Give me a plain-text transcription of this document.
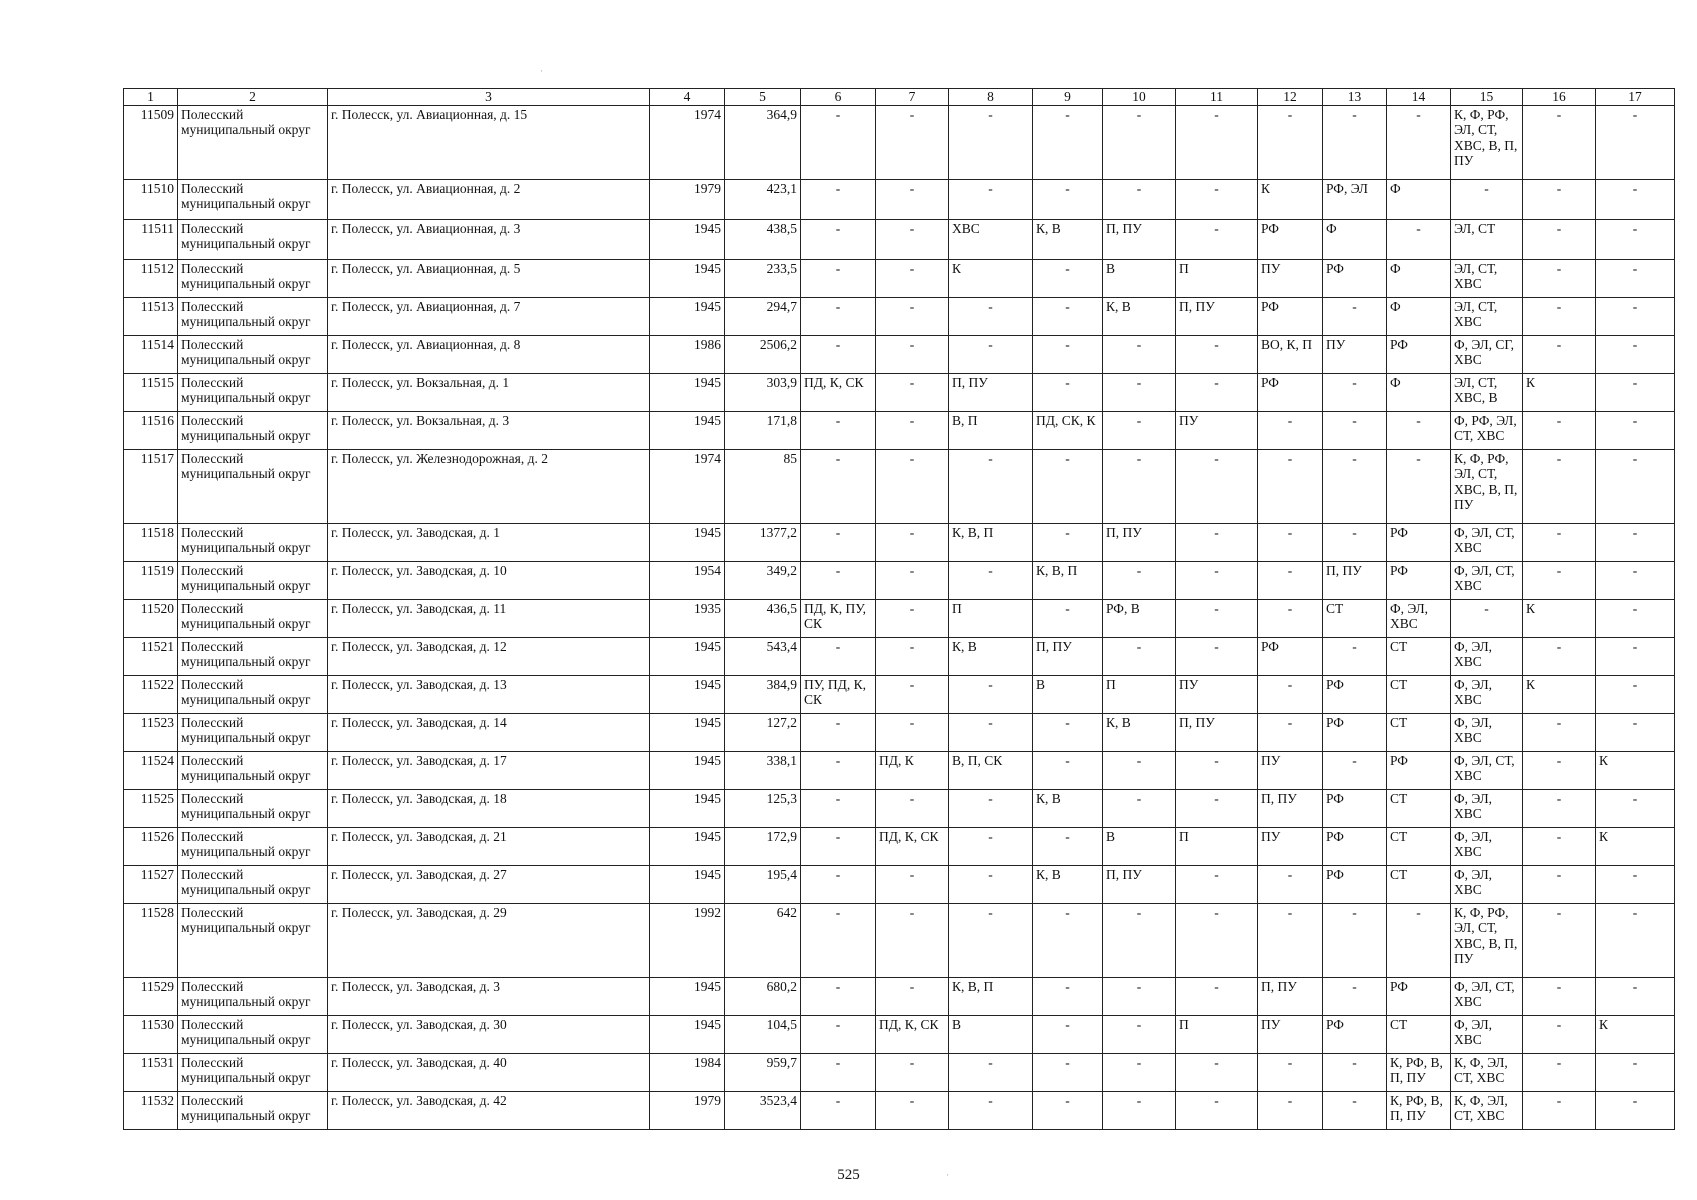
1	2	3	4	5	6	7	8	9	10	11	12	13	14	15	16	17
11509	Полесский муниципальный округ	г. Полесск, ул. Авиационная, д. 15	1974	364,9	-	-	-	-	-	-	-	-	-	К, Ф, РФ, ЭЛ, СТ, ХВС, В, П, ПУ	-	-
11510	Полесский муниципальный округ	г. Полесск, ул. Авиационная, д. 2	1979	423,1	-	-	-	-	-	-	К	РФ, ЭЛ	Ф	-	-	-
11511	Полесский муниципальный округ	г. Полесск, ул. Авиационная, д. 3	1945	438,5	-	-	ХВС	К, В	П, ПУ	-	РФ	Ф	-	ЭЛ, СТ	-	-
11512	Полесский муниципальный округ	г. Полесск, ул. Авиационная, д. 5	1945	233,5	-	-	К	-	В	П	ПУ	РФ	Ф	ЭЛ, СТ, ХВС	-	-
11513	Полесский муниципальный округ	г. Полесск, ул. Авиационная, д. 7	1945	294,7	-	-	-	-	К, В	П, ПУ	РФ	-	Ф	ЭЛ, СТ, ХВС	-	-
11514	Полесский муниципальный округ	г. Полесск, ул. Авиационная, д. 8	1986	2506,2	-	-	-	-	-	-	ВО, К, П	ПУ	РФ	Ф, ЭЛ, СГ, ХВС	-	-
11515	Полесский муниципальный округ	г. Полесск, ул. Вокзальная, д. 1	1945	303,9	ПД, К, СК	-	П, ПУ	-	-	-	РФ	-	Ф	ЭЛ, СТ, ХВС, В	К	-
11516	Полесский муниципальный округ	г. Полесск, ул. Вокзальная, д. 3	1945	171,8	-	-	В, П	ПД, СК, К	-	ПУ	-	-	-	Ф, РФ, ЭЛ, СТ, ХВС	-	-
11517	Полесский муниципальный округ	г. Полесск, ул. Железнодорожная, д. 2	1974	85	-	-	-	-	-	-	-	-	-	К, Ф, РФ, ЭЛ, СТ, ХВС, В, П, ПУ	-	-
11518	Полесский муниципальный округ	г. Полесск, ул. Заводская, д. 1	1945	1377,2	-	-	К, В, П	-	П, ПУ	-	-	-	РФ	Ф, ЭЛ, СТ, ХВС	-	-
11519	Полесский муниципальный округ	г. Полесск, ул. Заводская, д. 10	1954	349,2	-	-	-	К, В, П	-	-	-	П, ПУ	РФ	Ф, ЭЛ, СТ, ХВС	-	-
11520	Полесский муниципальный округ	г. Полесск, ул. Заводская, д. 11	1935	436,5	ПД, К, ПУ, СК	-	П	-	РФ, В	-	-	СТ	Ф, ЭЛ, ХВС	-	К	-
11521	Полесский муниципальный округ	г. Полесск, ул. Заводская, д. 12	1945	543,4	-	-	К, В	П, ПУ	-	-	РФ	-	СТ	Ф, ЭЛ, ХВС	-	-
11522	Полесский муниципальный округ	г. Полесск, ул. Заводская, д. 13	1945	384,9	ПУ, ПД, К, СК	-	-	В	П	ПУ	-	РФ	СТ	Ф, ЭЛ, ХВС	К	-
11523	Полесский муниципальный округ	г. Полесск, ул. Заводская, д. 14	1945	127,2	-	-	-	-	К, В	П, ПУ	-	РФ	СТ	Ф, ЭЛ, ХВС	-	-
11524	Полесский муниципальный округ	г. Полесск, ул. Заводская, д. 17	1945	338,1	-	ПД, К	В, П, СК	-	-	-	ПУ	-	РФ	Ф, ЭЛ, СТ, ХВС	-	К
11525	Полесский муниципальный округ	г. Полесск, ул. Заводская, д. 18	1945	125,3	-	-	-	К, В	-	-	П, ПУ	РФ	СТ	Ф, ЭЛ, ХВС	-	-
11526	Полесский муниципальный округ	г. Полесск, ул. Заводская, д. 21	1945	172,9	-	ПД, К, СК	-	-	В	П	ПУ	РФ	СТ	Ф, ЭЛ, ХВС	-	К
11527	Полесский муниципальный округ	г. Полесск, ул. Заводская, д. 27	1945	195,4	-	-	-	К, В	П, ПУ	-	-	РФ	СТ	Ф, ЭЛ, ХВС	-	-
11528	Полесский муниципальный округ	г. Полесск, ул. Заводская, д. 29	1992	642	-	-	-	-	-	-	-	-	-	К, Ф, РФ, ЭЛ, СТ, ХВС, В, П, ПУ	-	-
11529	Полесский муниципальный округ	г. Полесск, ул. Заводская, д. 3	1945	680,2	-	-	К, В, П	-	-	-	П, ПУ	-	РФ	Ф, ЭЛ, СТ, ХВС	-	-
11530	Полесский муниципальный округ	г. Полесск, ул. Заводская, д. 30	1945	104,5	-	ПД, К, СК	В	-	-	П	ПУ	РФ	СТ	Ф, ЭЛ, ХВС	-	К
11531	Полесский муниципальный округ	г. Полесск, ул. Заводская, д. 40	1984	959,7	-	-	-	-	-	-	-	-	К, РФ, В, П, ПУ	К, Ф, ЭЛ, СТ, ХВС	-	-
11532	Полесский муниципальный округ	г. Полесск, ул. Заводская, д. 42	1979	3523,4	-	-	-	-	-	-	-	-	К, РФ, В, П, ПУ	К, Ф, ЭЛ, СТ, ХВС	-	-
525
·
·
